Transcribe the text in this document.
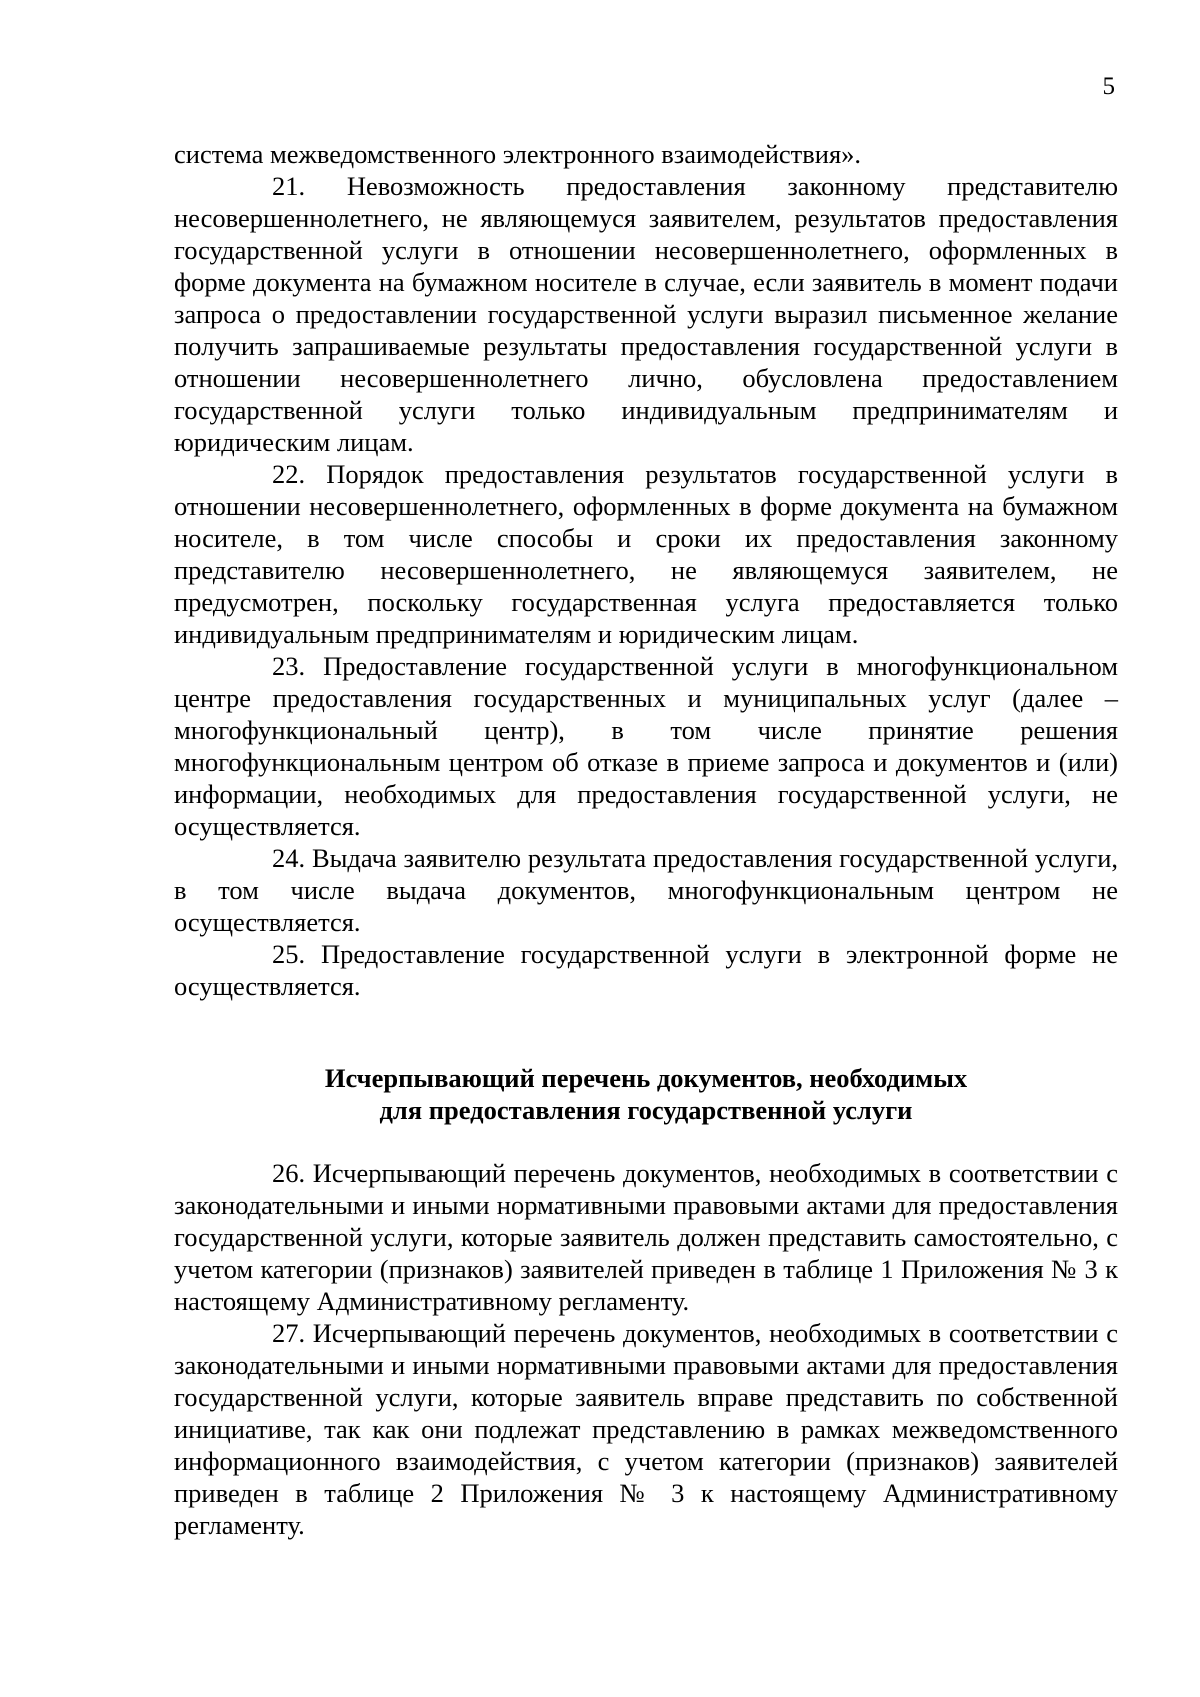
5

система межведомственного электронного взаимодействия».

21. Невозможность предоставления законному представителю несовершеннолетнего, не являющемуся заявителем, результатов предоставления государственной услуги в отношении несовершеннолетнего, оформленных в форме документа на бумажном носителе в случае, если заявитель в момент подачи запроса о предоставлении государственной услуги выразил письменное желание получить запрашиваемые результаты предоставления государственной услуги в отношении несовершеннолетнего лично, обусловлена предоставлением государственной услуги только индивидуальным предпринимателям и юридическим лицам.

22. Порядок предоставления результатов государственной услуги в отношении несовершеннолетнего, оформленных в форме документа на бумажном носителе, в том числе способы и сроки их предоставления законному представителю несовершеннолетнего, не являющемуся заявителем, не предусмотрен, поскольку государственная услуга предоставляется только индивидуальным предпринимателям и юридическим лицам.

23. Предоставление государственной услуги в многофункциональном центре предоставления государственных и муниципальных услуг (далее – многофункциональный центр), в том числе принятие решения многофункциональным центром об отказе в приеме запроса и документов и (или) информации, необходимых для предоставления государственной услуги, не осуществляется.

24. Выдача заявителю результата предоставления государственной услуги, в том числе выдача документов, многофункциональным центром не осуществляется.

25. Предоставление государственной услуги в электронной форме не осуществляется.

Исчерпывающий перечень документов, необходимых
для предоставления государственной услуги

26. Исчерпывающий перечень документов, необходимых в соответствии с законодательными и иными нормативными правовыми актами для предоставления государственной услуги, которые заявитель должен представить самостоятельно, с учетом категории (признаков) заявителей приведен в таблице 1 Приложения № 3 к настоящему Административному регламенту.

27. Исчерпывающий перечень документов, необходимых в соответствии с законодательными и иными нормативными правовыми актами для предоставления государственной услуги, которые заявитель вправе представить по собственной инициативе, так как они подлежат представлению в рамках межведомственного информационного взаимодействия, с учетом категории (признаков) заявителей приведен в таблице 2 Приложения № 3 к настоящему Административному регламенту.
